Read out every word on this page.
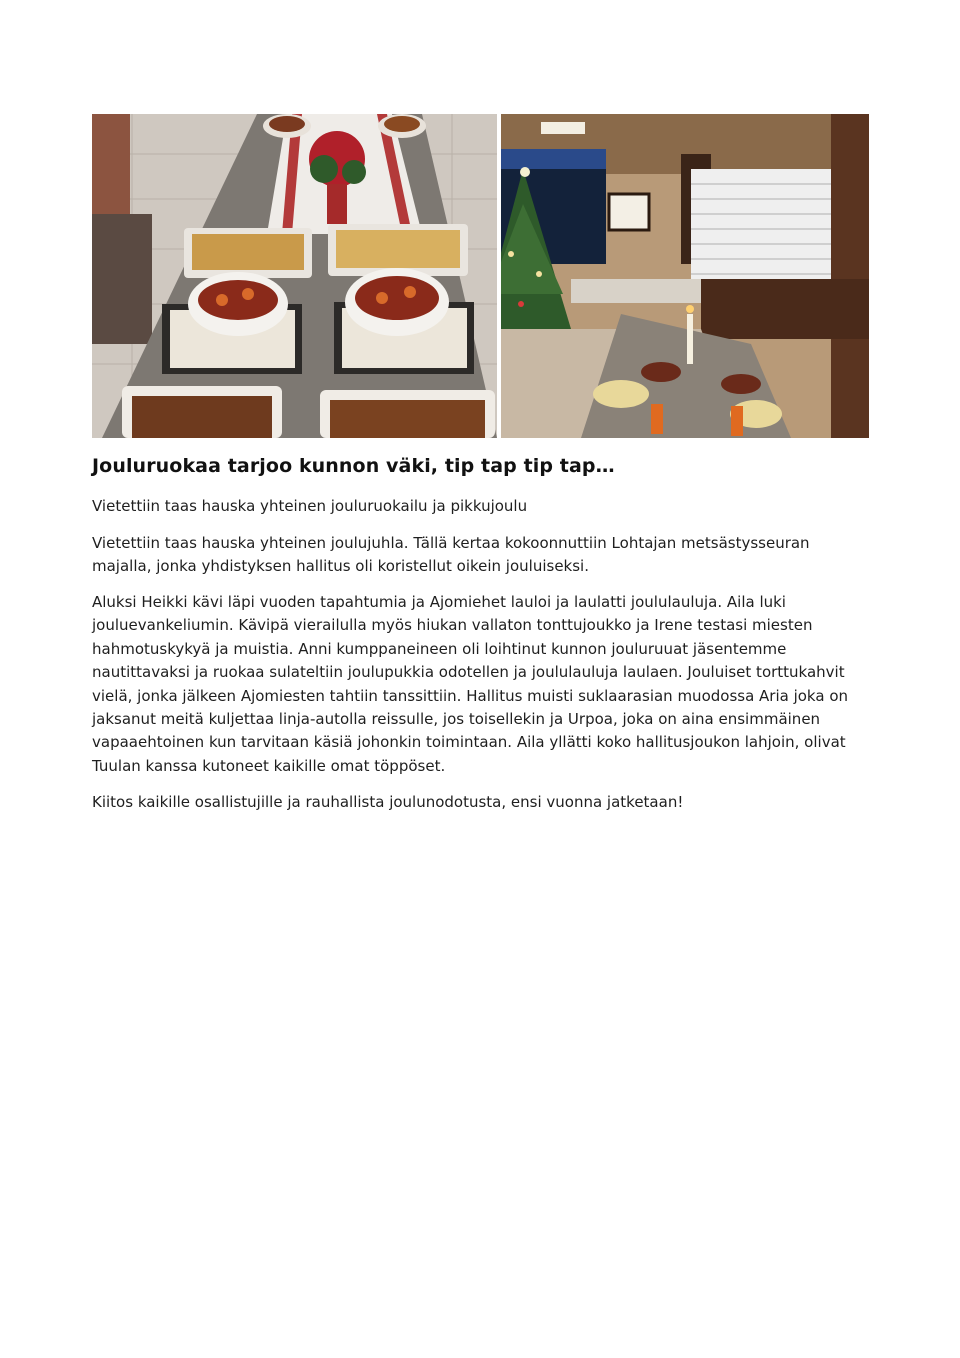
Jouluruokaa tarjoo kunnon väki, tip tap tip tap…

Vietettiin taas hauska yhteinen jouluruokailu ja pikkujoulu

Vietettiin taas hauska yhteinen joulujuhla. Tällä kertaa kokoonnuttiin Lohtajan metsästysseuran majalla, jonka yhdistyksen hallitus oli koristellut oikein jouluiseksi.

Aluksi Heikki kävi läpi vuoden tapahtumia ja Ajomiehet lauloi ja laulatti joululauluja. Aila luki jouluevankeliumin. Kävipä vierailulla myös hiukan vallaton tonttujoukko ja Irene testasi miesten hahmotuskykyä ja muistia. Anni kumppaneineen oli loihtinut kunnon jouluruuat jäsentemme nautittavaksi ja ruokaa sulateltiin joulupukkia odotellen ja joululauluja laulaen. Jouluiset torttukahvit vielä, jonka jälkeen Ajomiesten tahtiin tanssittiin. Hallitus muisti suklaarasian muodossa Aria joka on jaksanut meitä kuljettaa linja-autolla reissulle, jos toisellekin ja Urpoa, joka on aina ensimmäinen vapaaehtoinen kun tarvitaan käsiä johonkin toimintaan. Aila yllätti koko hallitusjoukon lahjoin, olivat Tuulan kanssa kutoneet kaikille omat töppöset.

Kiitos kaikille osallistujille ja rauhallista joulunodotusta, ensi vuonna jatketaan!
